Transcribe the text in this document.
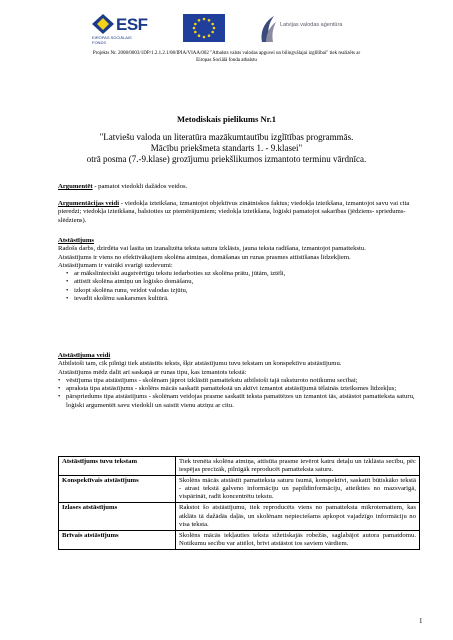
ESF
EIROPAS SOCIĀLAIS FONDS
Latvijas valodas aģentūra
Projekts Nr. 2008/0003/1DP/1.2.1.2.1/08/IPIA/VIAA/002 "Atbalsts valsts valodas apguvei un bilingvālajai izglītībai" tiek realizēts ar
Eiropas Sociālā fonda atbalstu
Metodiskais pielikums Nr.1
"Latviešu valoda un literatūra mazākumtautību izglītības programmās.
Mācību priekšmeta standarts 1. - 9.klasei"
otrā posma (7.-9.klase) grozījumu priekšlikumos izmantoto terminu vārdnīca.

Argumentēt - pamatot viedokli dažādos veidos.

Argumentācijas veidi - viedokļa izteikšana, izmantojot objektīvus zinātniskos faktus; viedokļa izteikšana, izmantojot savu vai cita pieredzi; viedokļa izteikšana, balstoties uz piemērājumiem; viedokļa izteikšana, loģiski pamatojot sakarības (jēdziens- spriedums- slēdziens).

Atstāstījums

Radošs darbs, dzirdēta vai lasīta un izanalizēta teksta satura izklāsts, jauna teksta radīšana, izmantojot pamattekstu.

Atstāstījums ir viens no efektīvākajiem skolēna atmiņas, domāšanas un runas prasmes attīstīšanas līdzekļiem.

Atstāstījumam ir vairāki svarīgi uzdevumi:

• ar mākslinieciski augstvērtīgu tekstu iedarboties uz skolēna prātu, jūtām, iztēli,
• attīstīt skolēna atmiņu un loģisko domāšanu,
• izkopt skolēna runu, veidot valodas izjūtu,
• ievadīt skolēnu saskarsmes kultūrā.

Atstāstījuma veidi

Atbilstoši tam, cik pilnīgi tiek atstāstīts teksts, šķir atstāstījumu tuvu tekstam un konspektīvu atstāstījumu.

Atstāstījums mēdz dalīt arī saskaņā ar runas tipu, kas izmantots tekstā:

• vēstījuma tipa atstāstījums - skolēnam jāprot izklāstīt pamattekstu atbilstoši tajā raksturoto notikumu secībai;
• apraksta tipa atstāstījums - skolēns mācās saskatīt pamattekstā un aktīvi izmantot atstāstījumā tēlainās izteiksmes līdzekļus;
• pārspriedums tipa atstāstījums - skolēnam veidojas prasme saskatīt teksta pamattēzes un izmantot tās, atstāstot pamatteksta saturu, loģiski argumentēt savu viedokli un saistīt vienu atziņu ar citu.
Atstāstījums tuvu tekstam	Tiek trenēta skolēna atmiņa, attīstīta prasme ievērot katru detaļu un izklāsta secību, pēc iespējas precīzāk, pilnīgāk reproducēt pamatteksta saturu.
Konspektīvais atstāstījums	Skolēns mācās atstāstīt pamatteksta saturu īsumā, konspektīvi, saskatīt būtiskāko tekstā - atrast tekstā galveno informāciju un papildinformāciju, atteikties no mazsvarīgā, vispārināt, radīt koncentrētu tekstu.
Izlases atstāstījums	Rakstot šo atstāstījumu, tiek reproducēts viens no pamatteksta mikrotematiem, kas atklāts tā dažādās daļās, un skolēnam nepieciešams apkopot vajadzīgo informāciju no visa teksta.
Brīvais atstāstījums	Skolēns mācās iekļauties teksta sižetiskajās robežās, saglabājot autora pamatdomu. Notikumu secību var attēlot, brīvi atstāstot tos saviem vārdiem.
1
